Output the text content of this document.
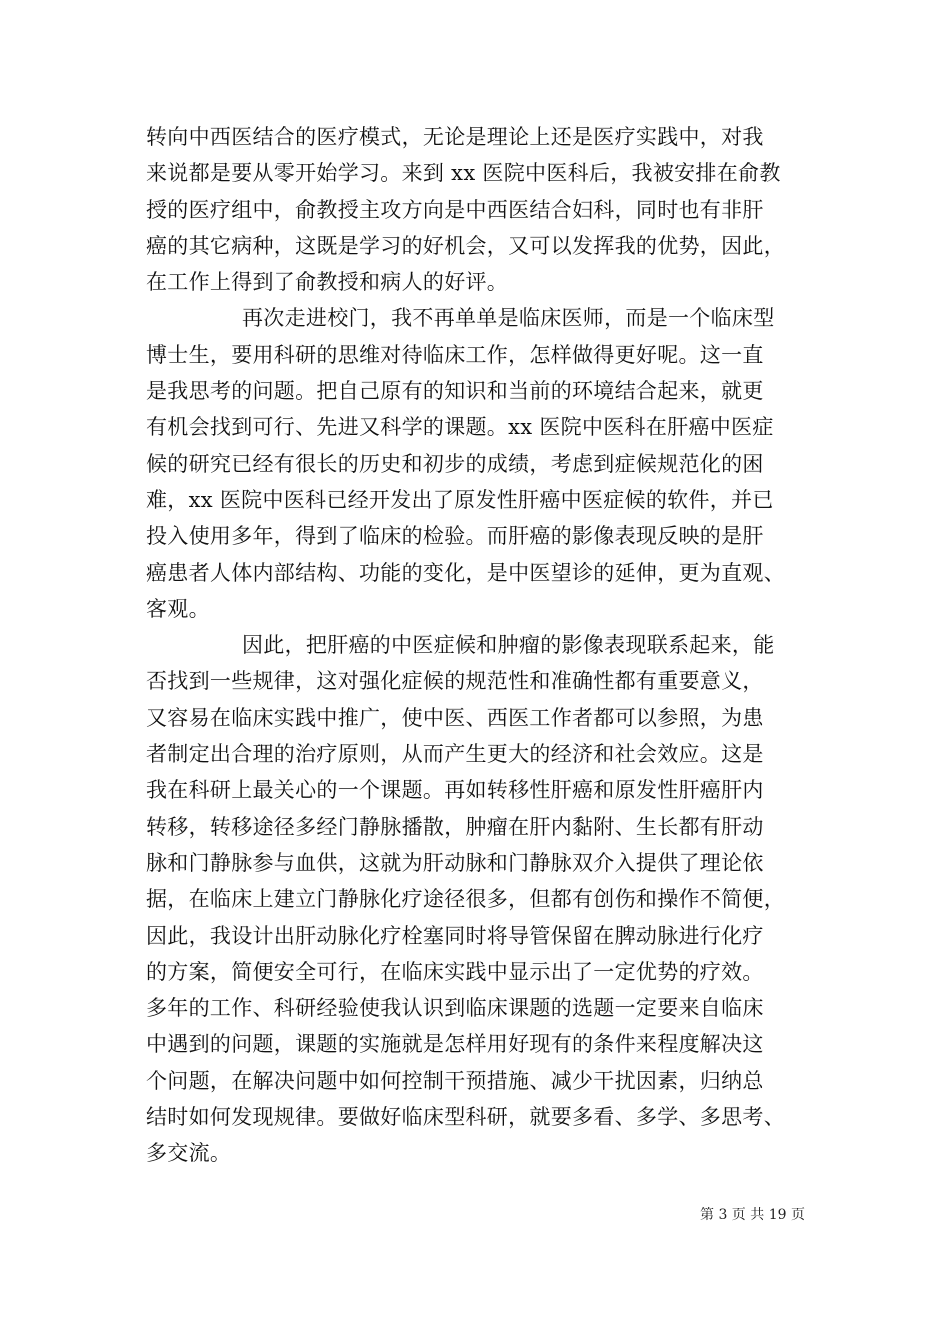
转向中西医结合的医疗模式，无论是理论上还是医疗实践中，对我
来说都是要从零开始学习。来到 xx 医院中医科后，我被安排在俞教
授的医疗组中，俞教授主攻方向是中西医结合妇科，同时也有非肝
癌的其它病种，这既是学习的好机会，又可以发挥我的优势，因此，
在工作上得到了俞教授和病人的好评。

再次走进校门，我不再单单是临床医师，而是一个临床型
博士生，要用科研的思维对待临床工作，怎样做得更好呢。这一直
是我思考的问题。把自己原有的知识和当前的环境结合起来，就更
有机会找到可行、先进又科学的课题。xx 医院中医科在肝癌中医症
候的研究已经有很长的历史和初步的成绩，考虑到症候规范化的困
难，xx 医院中医科已经开发出了原发性肝癌中医症候的软件，并已
投入使用多年，得到了临床的检验。而肝癌的影像表现反映的是肝
癌患者人体内部结构、功能的变化，是中医望诊的延伸，更为直观、
客观。

因此，把肝癌的中医症候和肿瘤的影像表现联系起来，能
否找到一些规律，这对强化症候的规范性和准确性都有重要意义，
又容易在临床实践中推广，使中医、西医工作者都可以参照，为患
者制定出合理的治疗原则，从而产生更大的经济和社会效应。这是
我在科研上最关心的一个课题。再如转移性肝癌和原发性肝癌肝内
转移，转移途径多经门静脉播散，肿瘤在肝内黏附、生长都有肝动
脉和门静脉参与血供，这就为肝动脉和门静脉双介入提供了理论依
据，在临床上建立门静脉化疗途径很多，但都有创伤和操作不简便，
因此，我设计出肝动脉化疗栓塞同时将导管保留在脾动脉进行化疗
的方案，简便安全可行，在临床实践中显示出了一定优势的疗效。
多年的工作、科研经验使我认识到临床课题的选题一定要来自临床
中遇到的问题，课题的实施就是怎样用好现有的条件来程度解决这
个问题，在解决问题中如何控制干预措施、减少干扰因素，归纳总
结时如何发现规律。要做好临床型科研，就要多看、多学、多思考、
多交流。

第 3 页 共 19 页
